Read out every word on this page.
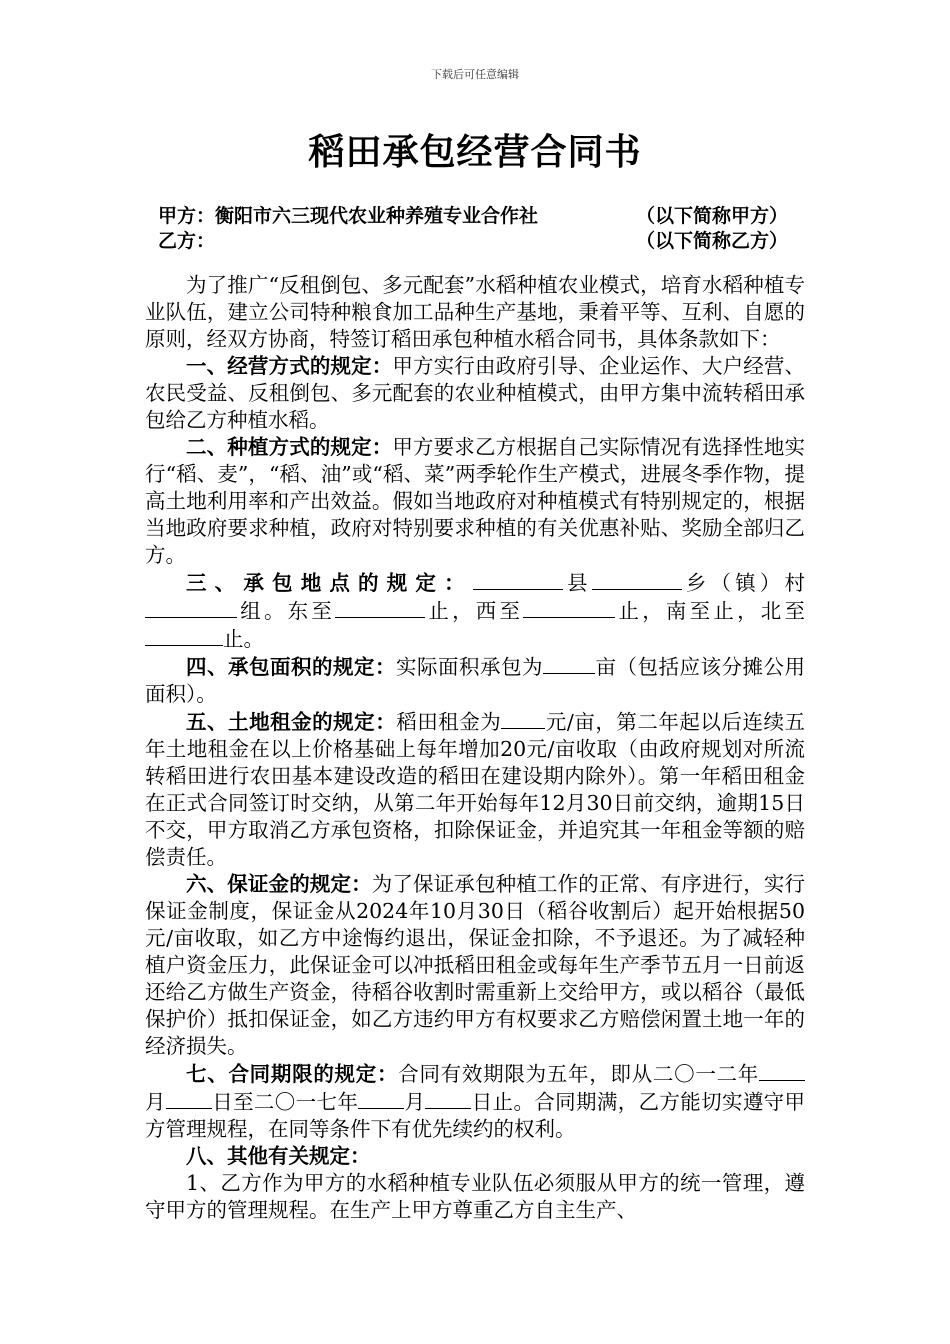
下载后可任意编辑
稻田承包经营合同书
甲方：衡阳市六三现代农业种养殖专业合作社	（以下简称甲方）
乙方：	（以下简称乙方）

为了推广“反租倒包、多元配套”水稻种植农业模式，培育水稻种植专业队伍，建立公司特种粮食加工品种生产基地，秉着平等、互利、自愿的原则，经双方协商，特签订稻田承包种植水稻合同书，具体条款如下：

一、经营方式的规定：甲方实行由政府引导、企业运作、大户经营、农民受益、反租倒包、多元配套的农业种植模式，由甲方集中流转稻田承包给乙方种植水稻。

二、种植方式的规定：甲方要求乙方根据自己实际情况有选择性地实行“稻、麦”，“稻、油”或“稻、菜”两季轮作生产模式，进展冬季作物，提高土地利用率和产出效益。假如当地政府对种植模式有特别规定的，根据当地政府要求种植，政府对特别要求种植的有关优惠补贴、奖励全部归乙方。

三、承包地点的规定：	县	乡（镇）村组。东至	止，西至	止，南至止，北至止。

四、承包面积的规定：实际面积承包为	亩（包括应该分摊公用面积）。

五、土地租金的规定：稻田租金为 元/亩，第二年起以后连续五年土地租金在以上价格基础上每年增加20元/亩收取（由政府规划对所流转稻田进行农田基本建设改造的稻田在建设期内除外）。第一年稻田租金在正式合同签订时交纳，从第二年开始每年12月30日前交纳，逾期15日不交，甲方取消乙方承包资格，扣除保证金，并追究其一年租金等额的赔偿责任。

六、保证金的规定：为了保证承包种植工作的正常、有序进行，实行保证金制度，保证金从2024年10月30日（稻谷收割后）起开始根据50元/亩收取，如乙方中途悔约退出，保证金扣除，不予退还。为了减轻种植户资金压力，此保证金可以冲抵稻田租金或每年生产季节五月一日前返还给乙方做生产资金，待稻谷收割时需重新上交给甲方，或以稻谷（最低保护价）抵扣保证金，如乙方违约甲方有权要求乙方赔偿闲置土地一年的经济损失。

七、合同期限的规定：合同有效期限为五年，即从二〇一二年月 日至二〇一七年 月 日止。合同期满，乙方能切实遵守甲方管理规程，在同等条件下有优先续约的权利。

八、其他有关规定：

1、乙方作为甲方的水稻种植专业队伍必须服从甲方的统一管理，遵守甲方的管理规程。在生产上甲方尊重乙方自主生产、
